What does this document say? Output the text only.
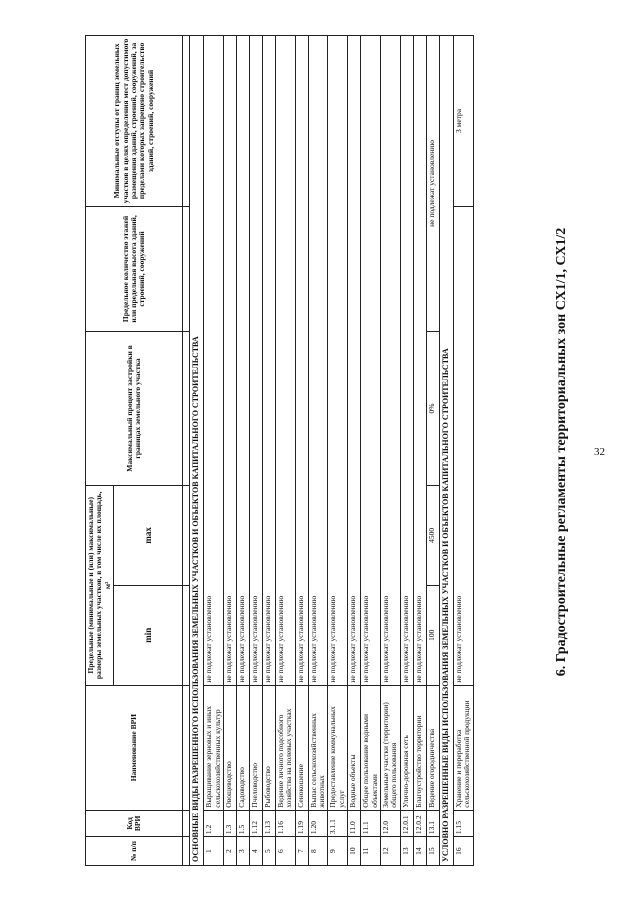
32
6. Градостроительные регламенты территориальных зон СХ1/1, СХ1/2
№ п/п	Код ВРИ	Наименование ВРИ	Предельные (минимальные и (или) максимальные) размеры земельных участков, в том числе их площадь, м²		Максимальный процент застройки в границах земельного участка	Предельное количество этажей или предельная высота зданий, строений, сооружений	Минимальные отступы от границ земельных участков в целях определения мест допустимого размещения зданий, строений, сооружений, за пределами которых запрещено строительство зданий, строений, сооружений
			min	max			

ОСНОВНЫЕ ВИДЫ РАЗРЕШЕННОГО ИСПОЛЬЗОВАНИЯ ЗЕМЕЛЬНЫХ УЧАСТКОВ И ОБЪЕКТОВ КАПИТАЛЬНОГО СТРОИТЕЛЬСТВА							
1	1.2	Выращивание зерновых и иных сельскохозяйственных культур	не подлежат установлению				
2	1.3	Овощеводство	не подлежат установлению				
3	1.5	Садоводство	не подлежат установлению				
4	1.12	Пчеловодство	не подлежат установлению				
5	1.13	Рыбоводство	не подлежат установлению				
6	1.16	Ведение личного подсобного хозяйства на полевых участках	не подлежат установлению				
7	1.19	Сенокошение	не подлежат установлению				
8	1.20	Выпас сельскохозяйственных животных	не подлежат установлению				
9	3.1.1	Предоставление коммунальных услуг	не подлежат установлению				
10	11.0	Водные объекты	не подлежат установлению				
11	11.1	Общее пользование водными объектами	не подлежат установлению				
12	12.0	Земельные участки (территории) общего пользования	не подлежат установлению				
13	12.0.1	Улично-дорожная сеть	не подлежат установлению				
14	12.0.2	Благоустройство территории	не подлежат установлению				
15	13.1	Ведение огородничества	100	4500	0%	не подлежат установлению	
УСЛОВНО РАЗРЕШЕННЫЕ ВИДЫ ИСПОЛЬЗОВАНИЯ ЗЕМЕЛЬНЫХ УЧАСТКОВ И ОБЪЕКТОВ КАПИТАЛЬНОГО СТРОИТЕЛЬСТВА							
16	1.15	Хранение и переработка сельскохозяйственной продукции	не подлежат установлению				3 метра
